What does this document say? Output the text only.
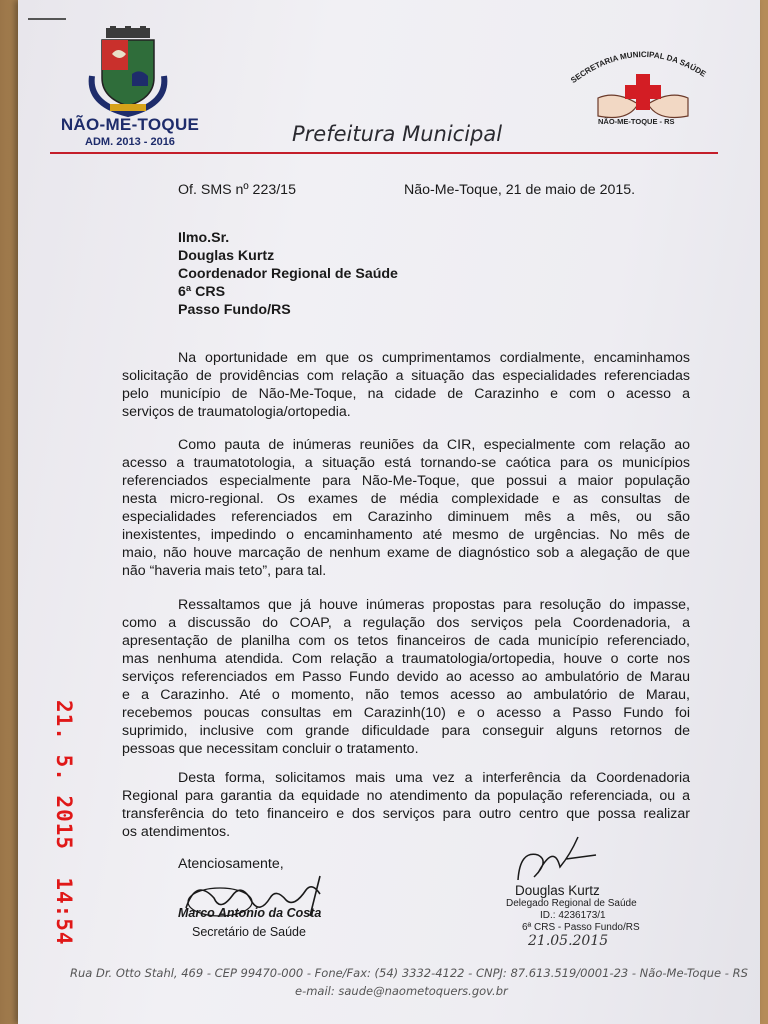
NÃO-ME-TOQUE
ADM. 2013 - 2016	Prefeitura Municipal
SECRETARIA MUNICIPAL DA SAÚDE
NÃO-ME-TOQUE - RS
Of. SMS nº 223/15	Não-Me-Toque, 21 de maio de 2015.
Ilmo.Sr.
Douglas Kurtz
Coordenador Regional de Saúde
6ª CRS
Passo Fundo/RS
Na oportunidade em que os cumprimentamos cordialmente, encaminhamos
solicitação de providências com relação a situação das especialidades referenciadas
pelo município de Não-Me-Toque, na cidade de Carazinho e com o acesso a
serviços de traumatologia/ortopedia.
Como pauta de inúmeras reuniões da CIR, especialmente com relação ao
acesso a traumatotologia, a situação está tornando-se caótica para os municípios
referenciados especialmente para Não-Me-Toque, que possui a maior população
nesta micro-regional. Os exames de média complexidade e as consultas de
especialidades referenciados em Carazinho diminuem mês a mês, ou são
inexistentes, impedindo o encaminhamento até mesmo de urgências. No mês de
maio, não houve marcação de nenhum exame de diagnóstico sob a alegação de que
não “haveria mais teto”, para tal.
Ressaltamos que já houve inúmeras propostas para resolução do impasse,
como a discussão do COAP, a regulação dos serviços pela Coordenadoria, a
apresentação de planilha com os tetos financeiros de cada município referenciado,
mas nenhuma atendida. Com relação a traumatologia/ortopedia, houve o corte nos
serviços referenciados em Passo Fundo devido ao acesso ao ambulatório de Marau
e a Carazinho. Até o momento, não temos acesso ao ambulatório de Marau,
recebemos poucas consultas em Carazinh(10) e o acesso a Passo Fundo foi
suprimido, inclusive com grande dificuldade para conseguir alguns retornos de
pessoas que necessitam concluir o tratamento.
Desta forma, solicitamos mais uma vez a interferência da Coordenadoria
Regional para garantia da equidade no atendimento da população referenciada, ou a
transferência do teto financeiro e dos serviços para outro centro que possa realizar
os atendimentos.
Atenciosamente,
Marco Antonio da Costa
Secretário de Saúde
Douglas Kurtz
Delegado Regional de Saúde
ID.: 4236173/1
6ª CRS - Passo Fundo/RS
21.05.2015
Rua Dr. Otto Stahl, 469 - CEP 99470-000 - Fone/Fax: (54) 3332-4122 - CNPJ: 87.613.519/0001-23 - Não-Me-Toque - RS
e-mail: saude@naometoquers.gov.br
21. 5. 2015  14:54
